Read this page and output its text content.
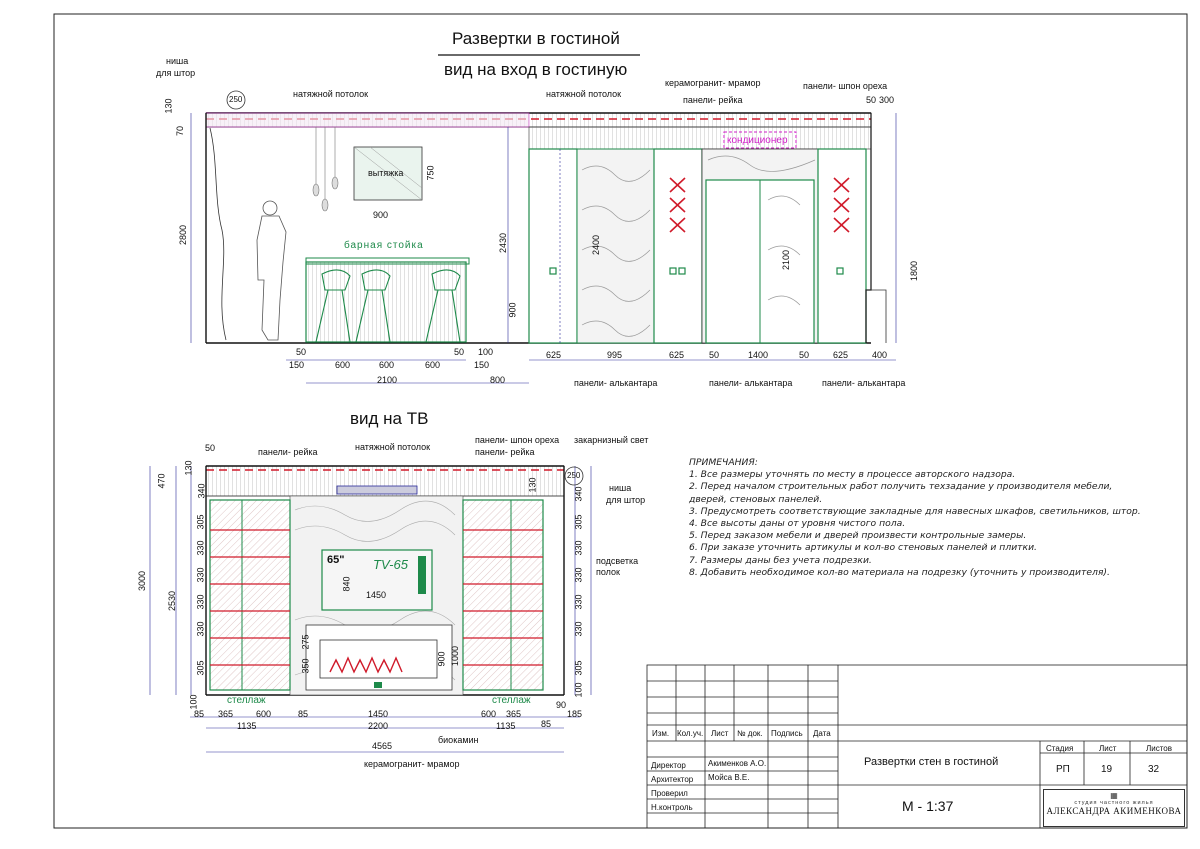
Развертки в гостиной
вид на вход в гостиную
вид на ТВ
ниша
для штор
250
натяжной потолок	натяжной потолок
керамогранит- мрамор
панели- рейка
панели- шпон ореха
кондиционер
вытяжка
барная стойка
панели- алькантара	панели- алькантара	панели- алькантара
2800
130
70
50
600	600	600
50
150	150
100
2100	800
625	995	625	50	1400	50	625	400
900
750
2430
900
2400
2100
1800
50 300
панели- рейка	натяжной потолок
панели- шпон ореха
панели- рейка
закарнизный свет
250
ниша
для штор
подсветка
полок
65" TV-65
стеллаж	стеллаж
биокамин
керамогранит- мрамор
3000
2530
470
340
305
330
330
330
330
305
100
130
50
130
340
305
330
330
330
330
305
100
85 365	600	85	1450	600 365
85
90
185
1135	2200	1135
4565
840
1450
350
275
900 1000
ПРИМЕЧАНИЯ:
1. Все размеры уточнять по месту в процессе авторского надзора.
2. Перед началом строительных работ получить техзадание у производителя мебели,
дверей, стеновых панелей.
3. Предусмотреть соответствующие закладные для навесных шкафов, светильников, штор.
4. Все высоты даны от уровня чистого пола.
5. Перед заказом мебели и дверей произвести контрольные замеры.
6. При заказе уточнить артикулы и кол-во стеновых панелей и плитки.
7. Размеры даны без учета подрезки.
8. Добавить необходимое кол-во материала на подрезку (уточнить у производителя).
Изм. Кол.уч. Лист № док. Подпись Дата
Директор	Акименков А.О.
Архитектор Мойса В.Е.
Проверил
Н.контроль
Развертки стен в гостиной
М - 1:37
Стадия	Лист	Листов
РП	19	32
▦
студия частного жилья
АЛЕКСАНДРА АКИМЕНКОВА
